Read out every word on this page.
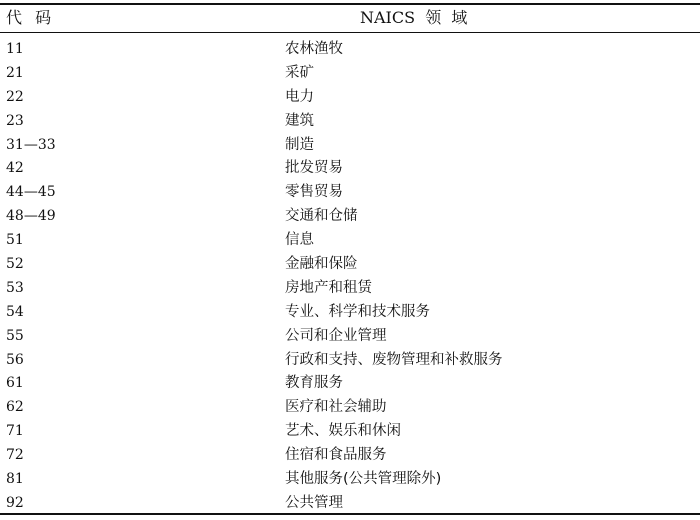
代  码	NAICS  领  域
11	农林渔牧
21	采矿
22	电力
23	建筑
31—33	制造
42	批发贸易
44—45	零售贸易
48—49	交通和仓储
51	信息
52	金融和保险
53	房地产和租赁
54	专业、科学和技术服务
55	公司和企业管理
56	行政和支持、废物管理和补救服务
61	教育服务
62	医疗和社会辅助
71	艺术、娱乐和休闲
72	住宿和食品服务
81	其他服务(公共管理除外)
92	公共管理
